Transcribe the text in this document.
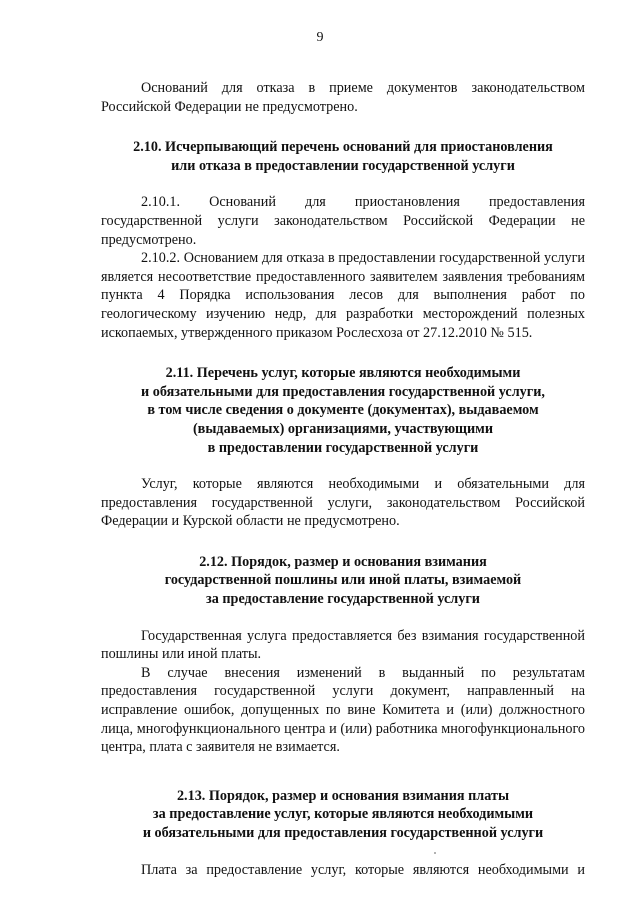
9

Оснований для отказа в приеме документов законодательством Российской Федерации не предусмотрено.

2.10. Исчерпывающий перечень оснований для приостановления
или отказа в предоставлении государственной услуги

2.10.1. Оснований для приостановления предоставления государственной услуги законодательством Российской Федерации не предусмотрено.

2.10.2. Основанием для отказа в предоставлении государственной услуги является несоответствие предоставленного заявителем заявления требованиям пункта 4 Порядка использования лесов для выполнения работ по геологическому изучению недр, для разработки месторождений полезных ископаемых, утвержденного приказом Рослесхоза от 27.12.2010 № 515.

2.11. Перечень услуг, которые являются необходимыми
и обязательными для предоставления государственной услуги,
в том числе сведения о документе (документах), выдаваемом
(выдаваемых) организациями, участвующими
в предоставлении государственной услуги

Услуг, которые являются необходимыми и обязательными для предоставления государственной услуги, законодательством Российской Федерации и Курской области не предусмотрено.

2.12. Порядок, размер и основания взимания
государственной пошлины или иной платы, взимаемой
за предоставление государственной услуги

Государственная услуга предоставляется без взимания государственной пошлины или иной платы.

В случае внесения изменений в выданный по результатам предоставления государственной услуги документ, направленный на исправление ошибок, допущенных по вине Комитета и (или) должностного лица, многофункционального центра и (или) работника многофункционального центра, плата с заявителя не взимается.

2.13. Порядок, размер и основания взимания платы
за предоставление услуг, которые являются необходимыми
и обязательными для предоставления государственной услуги

Плата за предоставление услуг, которые являются необходимыми и
